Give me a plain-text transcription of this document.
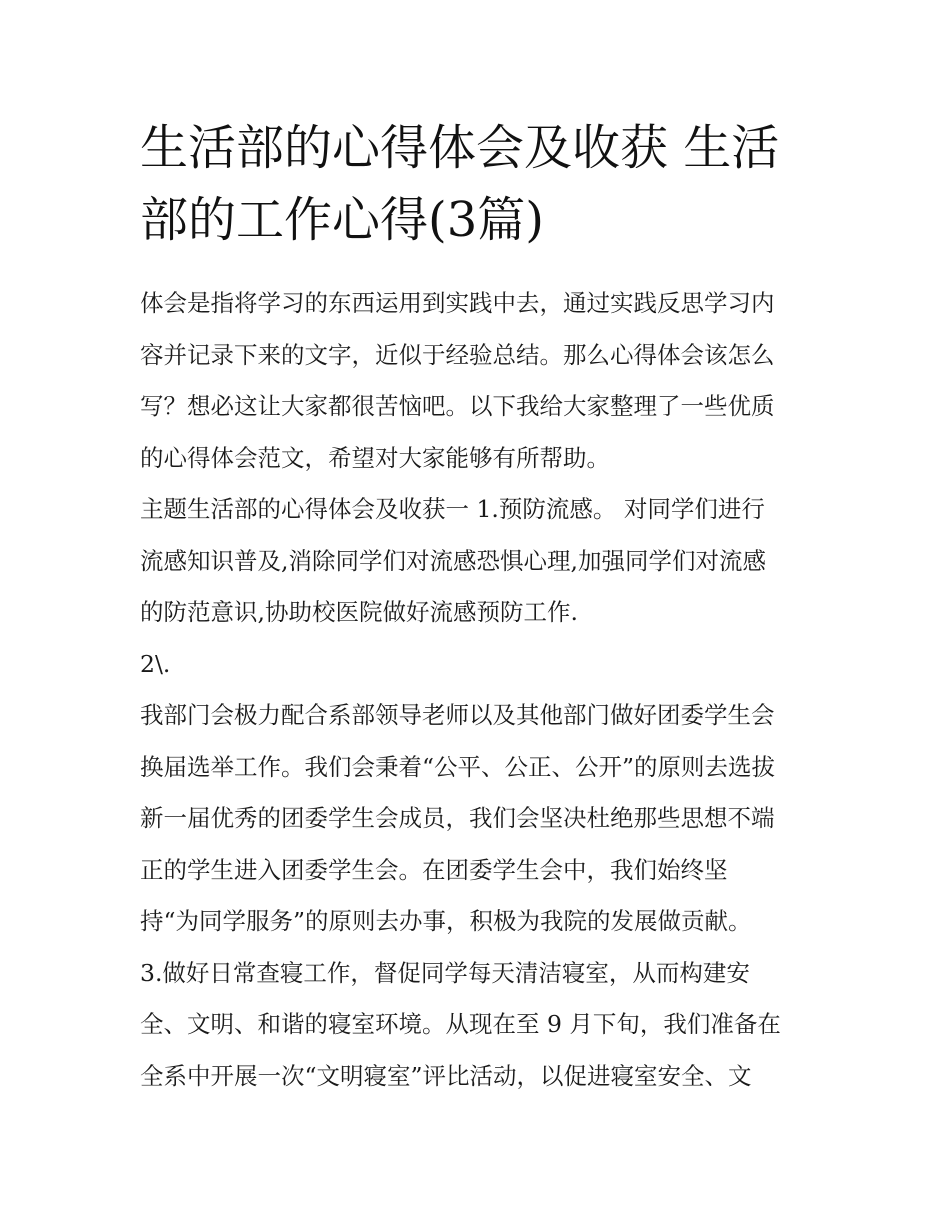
生活部的心得体会及收获 生活
部的工作心得(3篇)
体会是指将学习的东西运用到实践中去，通过实践反思学习内
容并记录下来的文字，近似于经验总结。那么心得体会该怎么
写？想必这让大家都很苦恼吧。以下我给大家整理了一些优质
的心得体会范文，希望对大家能够有所帮助。
主题生活部的心得体会及收获一 1.预防流感。 对同学们进行
流感知识普及,消除同学们对流感恐惧心理,加强同学们对流感
的防范意识,协助校医院做好流感预防工作.
2\.
我部门会极力配合系部领导老师以及其他部门做好团委学生会
换届选举工作。我们会秉着“公平、公正、公开”的原则去选拔
新一届优秀的团委学生会成员，我们会坚决杜绝那些思想不端
正的学生进入团委学生会。在团委学生会中，我们始终坚
持“为同学服务”的原则去办事，积极为我院的发展做贡献。
3.做好日常查寝工作，督促同学每天清洁寝室，从而构建安
全、文明、和谐的寝室环境。从现在至 9 月下旬，我们准备在
全系中开展一次“文明寝室”评比活动，以促进寝室安全、文
